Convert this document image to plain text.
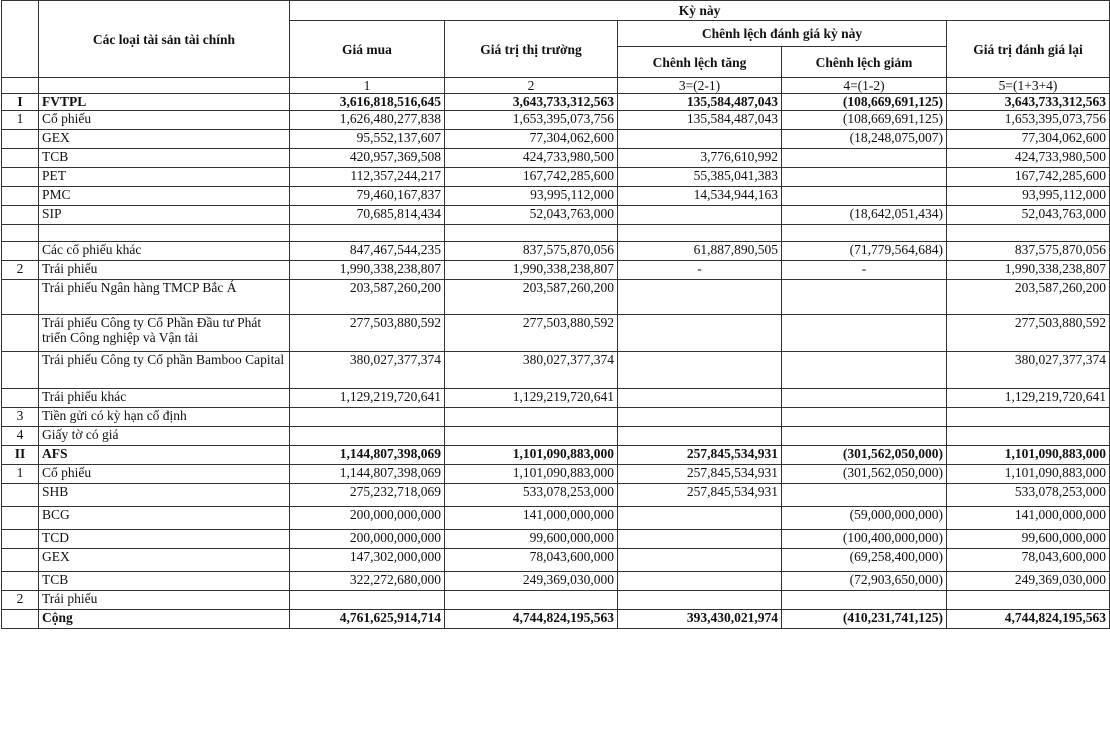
	Các loại tài sản tài chính	Kỳ này				
		Giá mua	Giá trị thị trường	Chênh lệch đánh giá kỳ này		Giá trị đánh giá lại
				Chênh lệch tăng	Chênh lệch giảm	
		1	2	3=(2-1)	4=(1-2)	5=(1+3+4)
I	FVTPL	3,616,818,516,645	3,643,733,312,563	135,584,487,043	(108,669,691,125)	3,643,733,312,563
1	Cổ phiếu	1,626,480,277,838	1,653,395,073,756	135,584,487,043	(108,669,691,125)	1,653,395,073,756
	GEX	95,552,137,607	77,304,062,600		(18,248,075,007)	77,304,062,600
	TCB	420,957,369,508	424,733,980,500	3,776,610,992		424,733,980,500
	PET	112,357,244,217	167,742,285,600	55,385,041,383		167,742,285,600
	PMC	79,460,167,837	93,995,112,000	14,534,944,163		93,995,112,000
	SIP	70,685,814,434	52,043,763,000		(18,642,051,434)	52,043,763,000

	Các cổ phiếu khác	847,467,544,235	837,575,870,056	61,887,890,505	(71,779,564,684)	837,575,870,056
2	Trái phiếu	1,990,338,238,807	1,990,338,238,807	-	-	1,990,338,238,807
	Trái phiếu Ngân hàng TMCP Bắc Á	203,587,260,200	203,587,260,200			203,587,260,200
	Trái phiếu Công ty Cổ Phần Đầu tư Phát triển Công nghiệp và Vận tải	277,503,880,592	277,503,880,592			277,503,880,592
	Trái phiếu Công ty Cổ phần Bamboo Capital	380,027,377,374	380,027,377,374			380,027,377,374
	Trái phiếu khác	1,129,219,720,641	1,129,219,720,641			1,129,219,720,641
3	Tiền gửi có kỳ hạn cố định					
4	Giấy tờ có giá					
II	AFS	1,144,807,398,069	1,101,090,883,000	257,845,534,931	(301,562,050,000)	1,101,090,883,000
1	Cổ phiếu	1,144,807,398,069	1,101,090,883,000	257,845,534,931	(301,562,050,000)	1,101,090,883,000
	SHB	275,232,718,069	533,078,253,000	257,845,534,931		533,078,253,000
	BCG	200,000,000,000	141,000,000,000		(59,000,000,000)	141,000,000,000
	TCD	200,000,000,000	99,600,000,000		(100,400,000,000)	99,600,000,000
	GEX	147,302,000,000	78,043,600,000		(69,258,400,000)	78,043,600,000
	TCB	322,272,680,000	249,369,030,000		(72,903,650,000)	249,369,030,000
2	Trái phiếu					
	Cộng	4,761,625,914,714	4,744,824,195,563	393,430,021,974	(410,231,741,125)	4,744,824,195,563
